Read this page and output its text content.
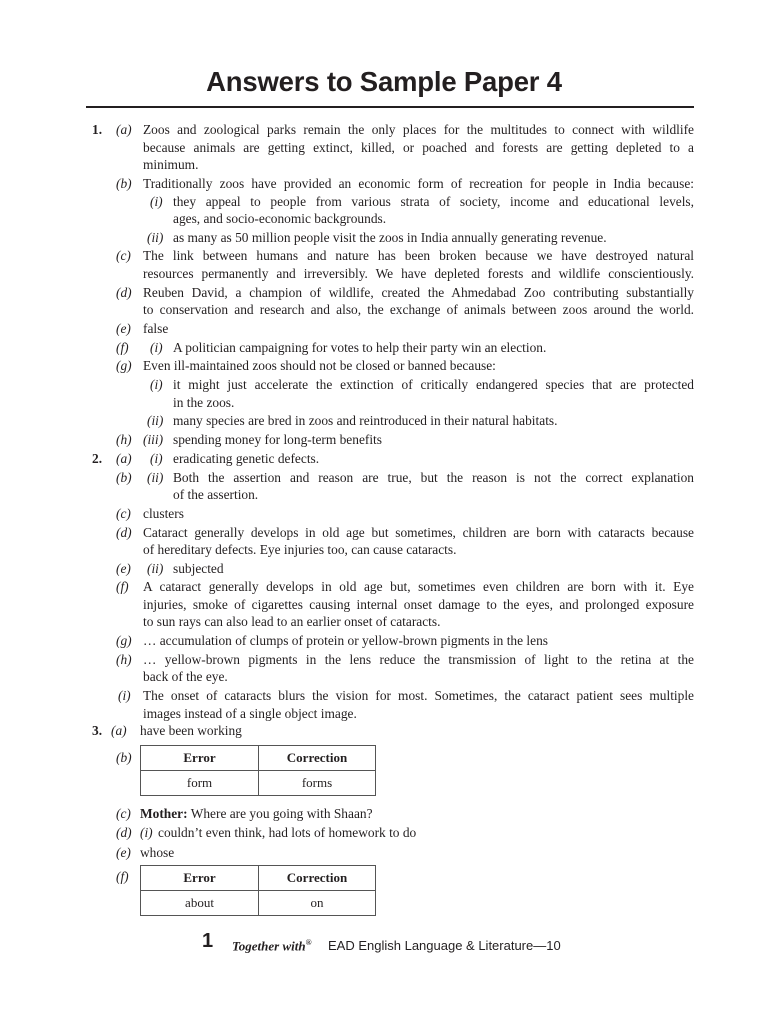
Answers to Sample Paper 4
1. (a) Zoos and zoological parks remain the only places for the multitudes to connect with wildlife
because animals are getting extinct, killed, or poached and forests are getting depleted to a
minimum.
(b) Traditionally zoos have provided an economic form of recreation for people in India because:
(i) they appeal to people from various strata of society, income and educational levels,
ages, and socio-economic backgrounds.
(ii) as many as 50 million people visit the zoos in India annually generating revenue.
(c) The link between humans and nature has been broken because we have destroyed natural
resources permanently and irreversibly. We have depleted forests and wildlife conscientiously.
(d) Reuben David, a champion of wildlife, created the Ahmedabad Zoo contributing substantially
to conservation and research and also, the exchange of animals between zoos around the world.
(e) false
(f) (i) A politician campaigning for votes to help their party win an election.
(g) Even ill-maintained zoos should not be closed or banned because:
(i) it might just accelerate the extinction of critically endangered species that are protected
in the zoos.
(ii) many species are bred in zoos and reintroduced in their natural habitats.
(h) (iii) spending money for long-term benefits
2. (a) (i) eradicating genetic defects.
(b) (ii) Both the assertion and reason are true, but the reason is not the correct explanation
of the assertion.
(c) clusters
(d) Cataract generally develops in old age but sometimes, children are born with cataracts because
of hereditary defects. Eye injuries too, can cause cataracts.
(e) (ii) subjected
(f) A cataract generally develops in old age but, sometimes even children are born with it. Eye
injuries, smoke of cigarettes causing internal onset damage to the eyes, and prolonged exposure
to sun rays can also lead to an earlier onset of cataracts.
(g) … accumulation of clumps of protein or yellow-brown pigments in the lens
(h) … yellow-brown pigments in the lens reduce the transmission of light to the retina at the
back of the eye.
(i) The onset of cataracts blurs the vision for most. Sometimes, the cataract patient sees multiple
images instead of a single object image.
3. (a) have been working
(b)	Error	Correction
form	forms
(c) Mother: Where are you going with Shaan?
(d) (i) couldn’t even think, had lots of homework to do
(e) whose
(f)	Error	Correction
about	on
1 Together with® EAD English Language & Literature—10
